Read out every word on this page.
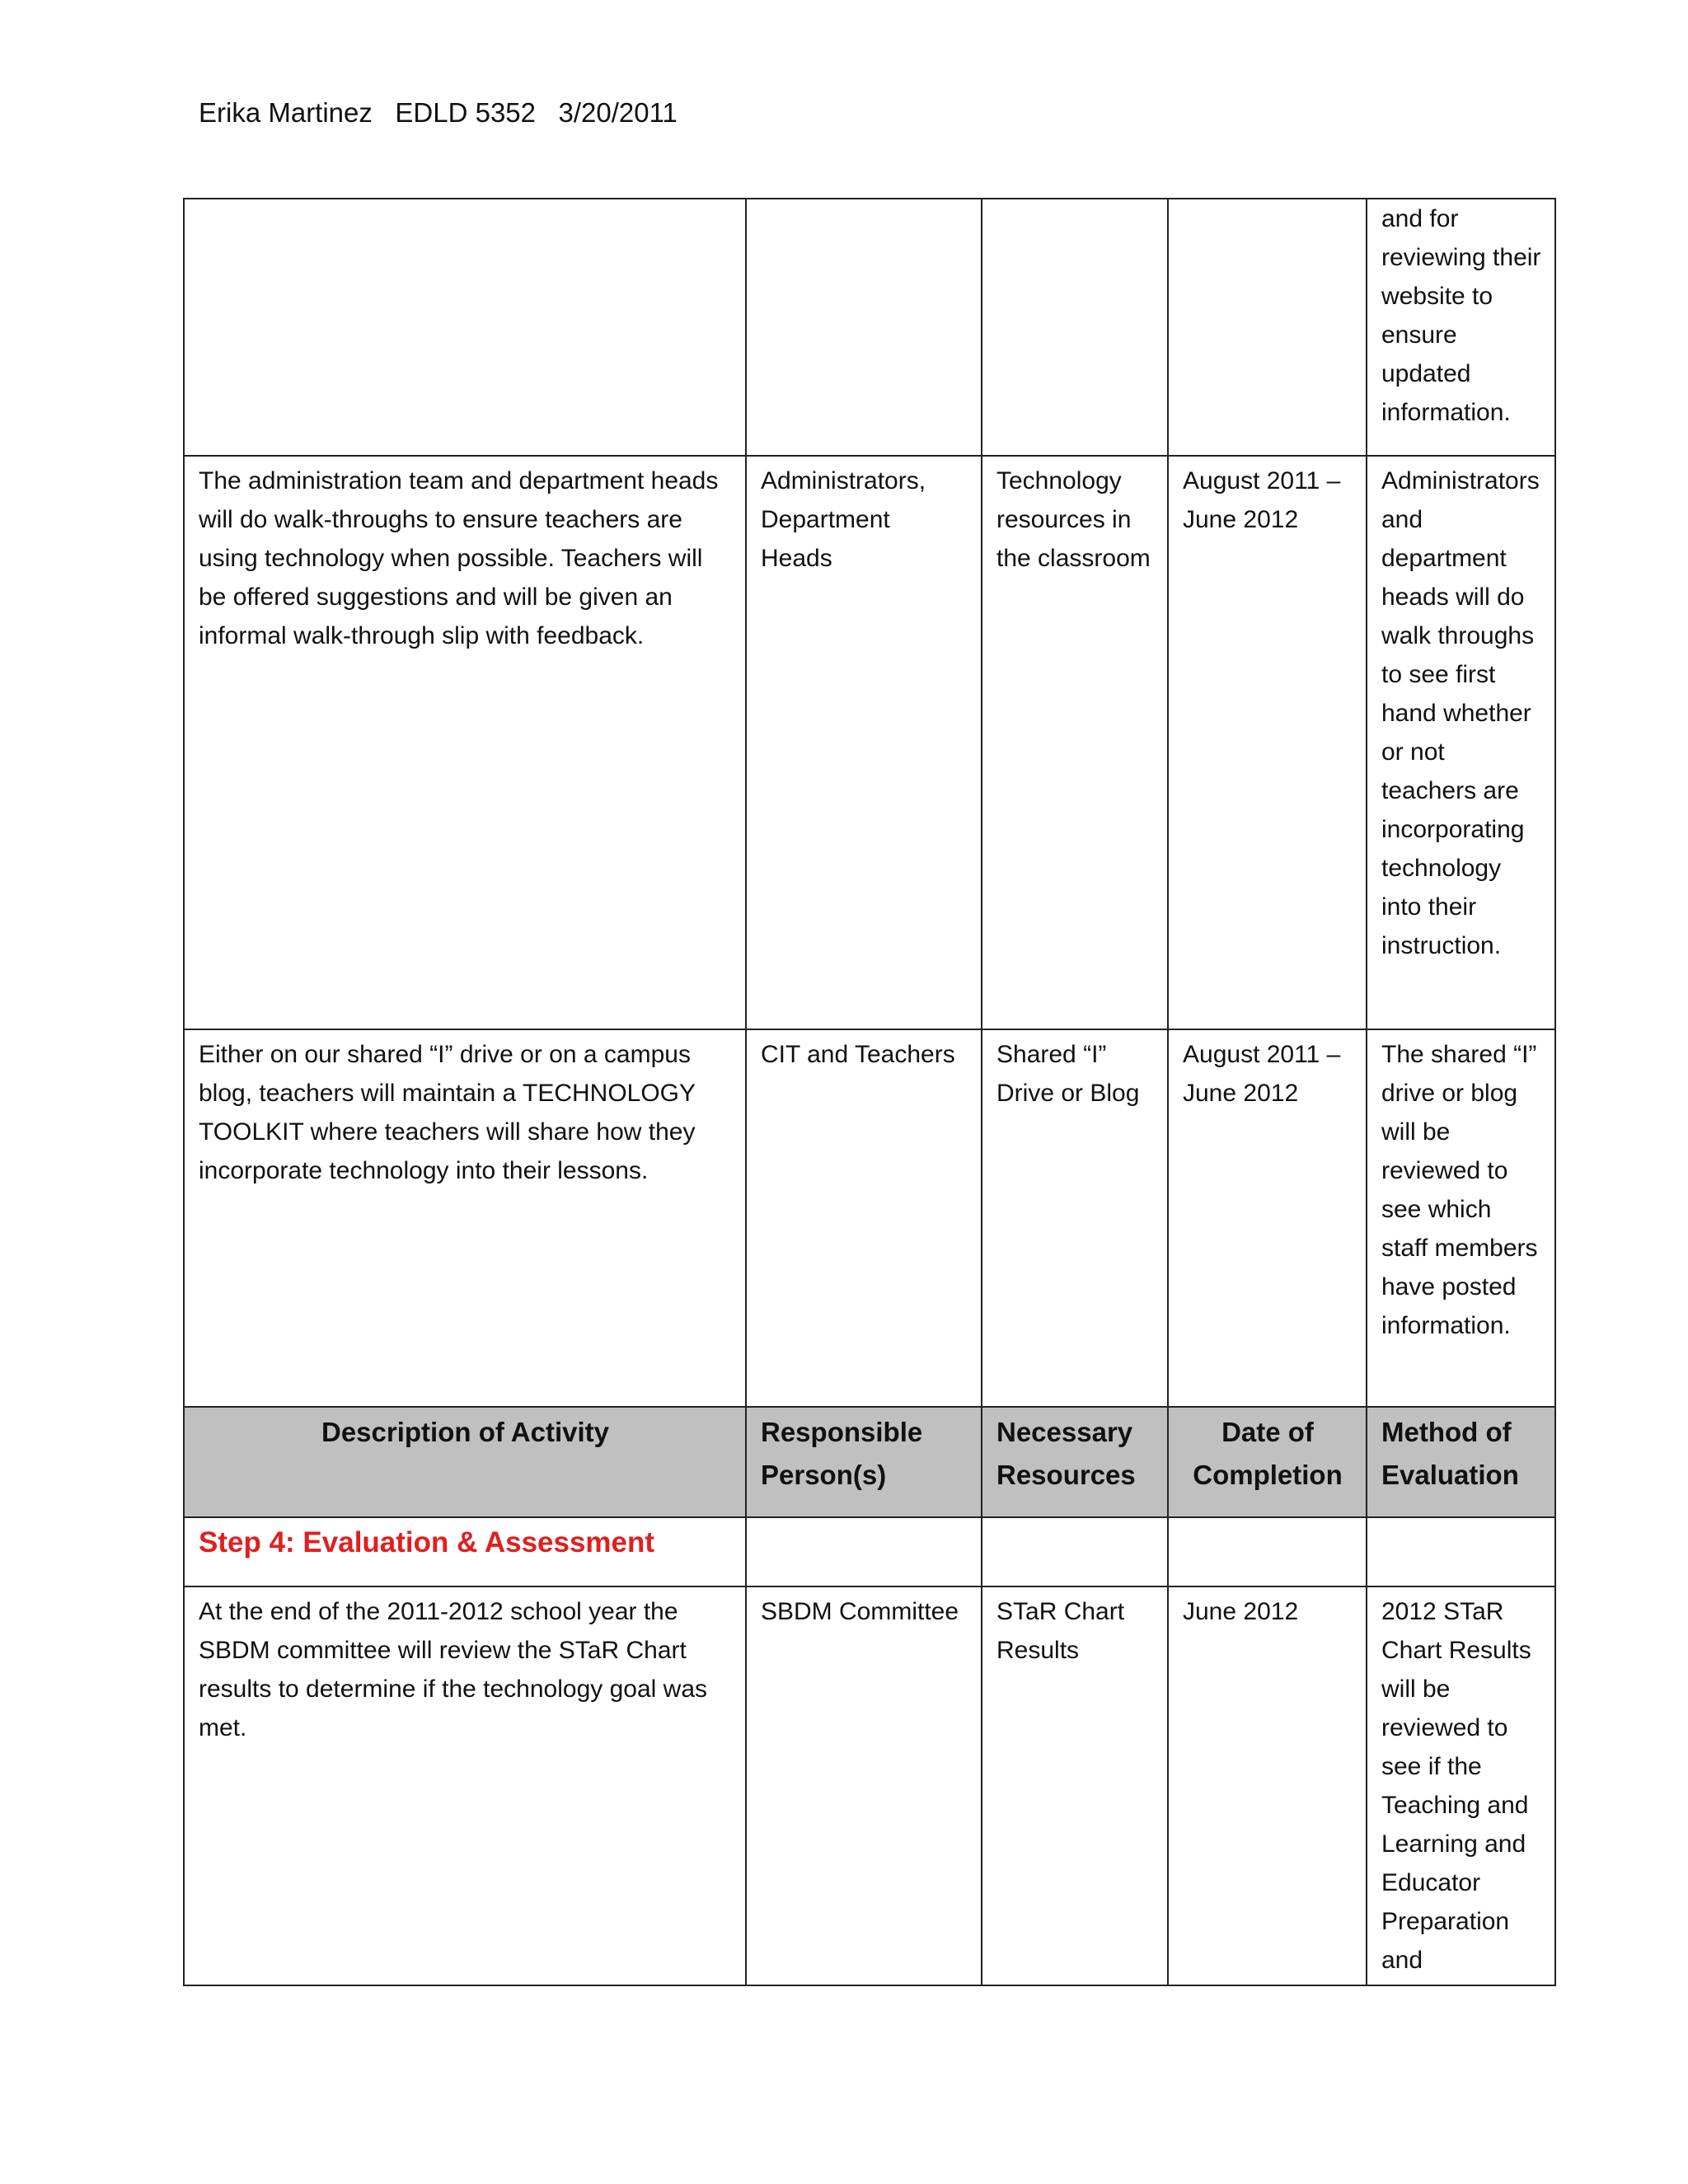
Erika Martinez   EDLD 5352   3/20/2011
				and for reviewing their website to ensure updated information.
The administration team and department heads will do walk-throughs to ensure teachers are using technology when possible. Teachers will be offered suggestions and will be given an informal walk-through slip with feedback.	Administrators, Department Heads	Technology resources in the classroom	August 2011 – June 2012	Administrators and department heads will do walk throughs to see first hand whether or not teachers are incorporating technology into their instruction.
Either on our shared “I” drive or on a campus blog, teachers will maintain a TECHNOLOGY TOOLKIT where teachers will share how they incorporate technology into their lessons.	CIT and Teachers	Shared “I” Drive or Blog	August 2011 – June 2012	The shared “I” drive or blog will be reviewed to see which staff members have posted information.
Description of Activity	Responsible Person(s)	Necessary Resources	Date of Completion	Method of Evaluation
Step 4: Evaluation & Assessment				
At the end of the 2011-2012 school year the SBDM committee will review the STaR Chart results to determine if the technology goal was met.	SBDM Committee	STaR Chart Results	June 2012	2012 STaR Chart Results will be reviewed to see if the Teaching and Learning and Educator Preparation and
